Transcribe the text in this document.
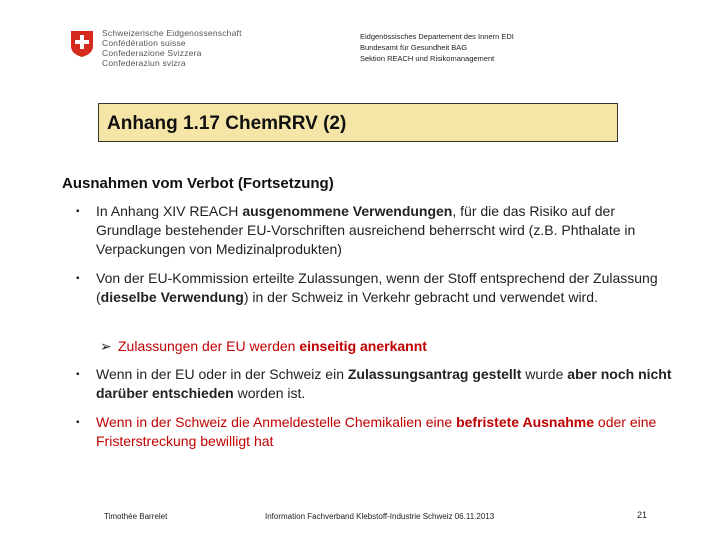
Schweizerische Eidgenossenschaft
Confédération suisse
Confederazione Svizzera
Confederaziun svizra
Eidgenössisches Departement des Innern EDI
Bundesamt für Gesundheit BAG
Sektion REACH und Risikomanagement
Anhang 1.17 ChemRRV (2)
Ausnahmen vom Verbot (Fortsetzung)
▪	In Anhang XIV REACH ausgenommene Verwendungen, für die das Risiko auf der Grundlage bestehender EU-Vorschriften ausreichend beherrscht wird (z.B. Phthalate in Verpackungen von Medizinalprodukten)
▪	Von der EU-Kommission erteilte Zulassungen, wenn der Stoff entsprechend der Zulassung (dieselbe Verwendung) in der Schweiz in Verkehr gebracht und verwendet wird.
➢ Zulassungen der EU werden einseitig anerkannt
▪	Wenn in der EU oder in der Schweiz ein Zulassungsantrag gestellt wurde aber noch nicht darüber entschieden worden ist.
▪	Wenn in der Schweiz die Anmeldestelle Chemikalien eine befristete Ausnahme oder eine Fristerstreckung bewilligt hat
Timothée Barrelet	Information Fachverband Klebstoff-Industrie Schweiz 06.11.2013	21
